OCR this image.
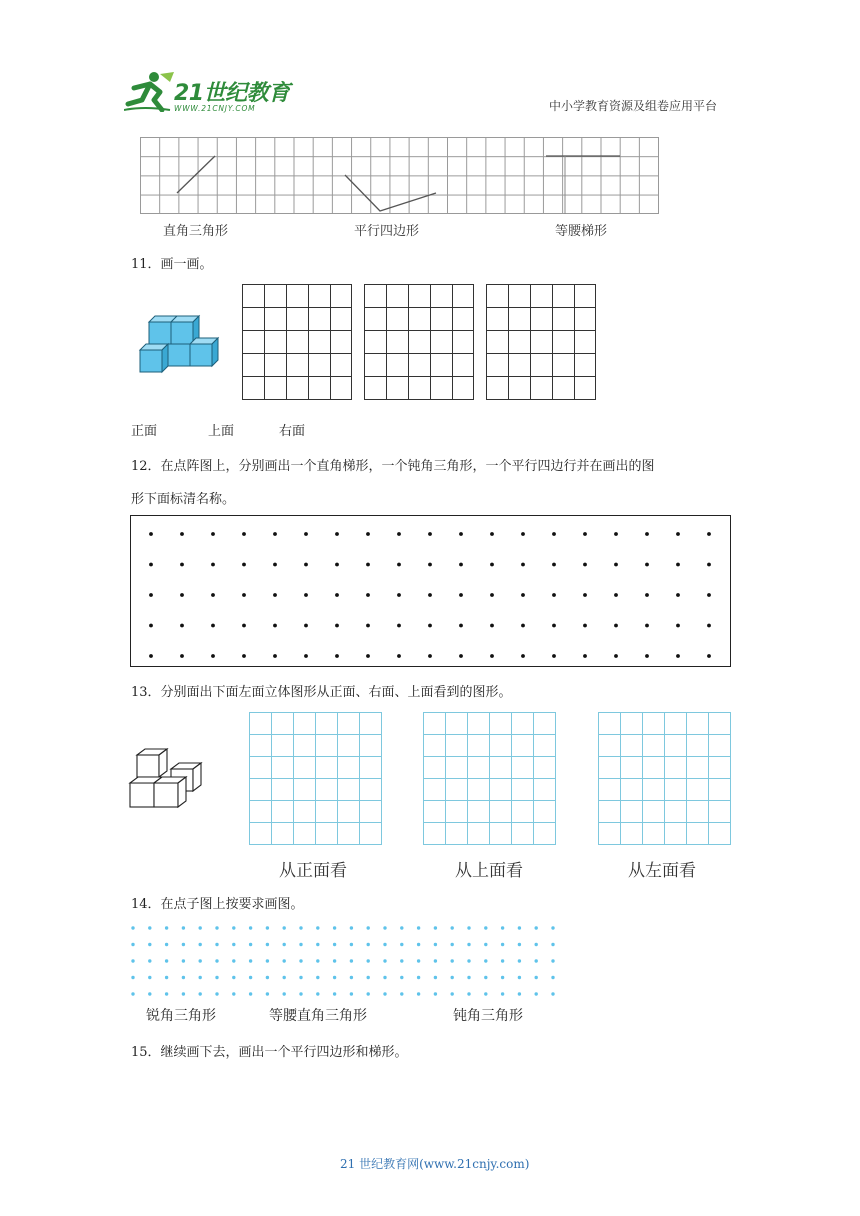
21世纪教育
WWW.21CNJY.COM	中小学教育资源及组卷应用平台
直角三角形	平行四边形	等腰梯形
11．画一画。
正面	上面	右面
12．在点阵图上，分别画出一个直角梯形，一个钝角三角形，一个平行四边行并在画出的图
形下面标清名称。
13．分别面出下面左面立体图形从正面、右面、上面看到的图形。
从正面看	从上面看	从左面看
14．在点子图上按要求画图。
锐角三角形	等腰直角三角形	钝角三角形
15．继续画下去，画出一个平行四边形和梯形。
21 世纪教育网(www.21cnjy.com)
